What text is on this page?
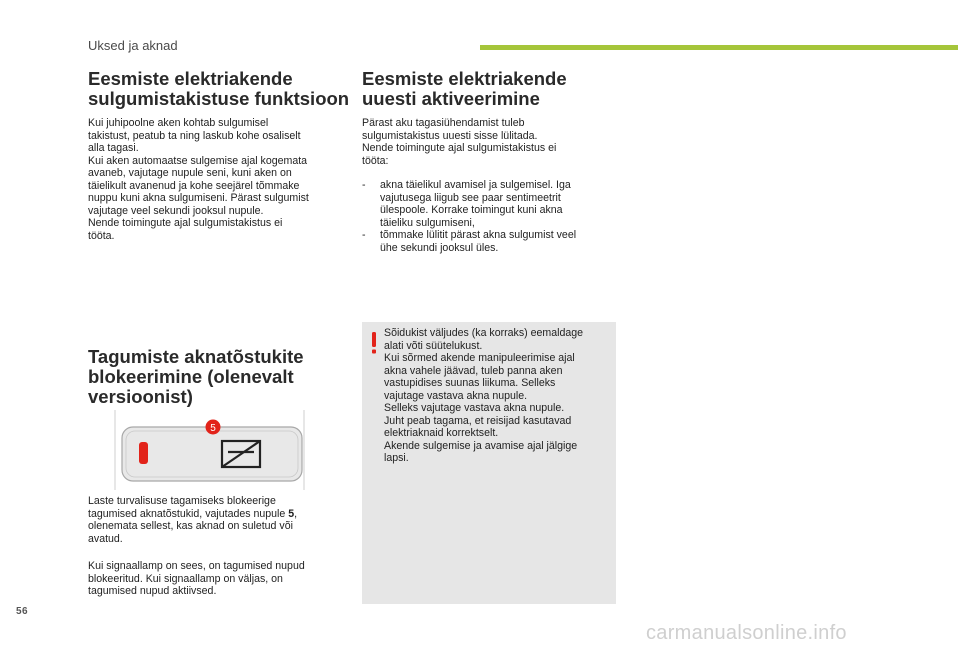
Uksed ja aknad
Eesmiste elektriakende
sulgumistakistuse funktsioon

Kui juhipoolne aken kohtab sulgumisel
takistust, peatub ta ning laskub kohe osaliselt
alla tagasi.
Kui aken automaatse sulgemise ajal kogemata
avaneb, vajutage nupule seni, kuni aken on
täielikult avanenud ja kohe seejärel tõmmake
nuppu kuni akna sulgumiseni. Pärast sulgumist
vajutage veel sekundi jooksul nupule.
Nende toimingute ajal sulgumistakistus ei
tööta.

Tagumiste aknatõstukite
blokeerimine (olenevalt
versioonist)
5

Laste turvalisuse tagamiseks blokeerige
tagumised aknatõstukid, vajutades nupule 5,
olenemata sellest, kas aknad on suletud või
avatud.

Kui signaallamp on sees, on tagumised nupud
blokeeritud. Kui signaallamp on väljas, on
tagumised nupud aktiivsed.

Eesmiste elektriakende
uuesti aktiveerimine

Pärast aku tagasiühendamist tuleb
sulgumistakistus uuesti sisse lülitada.
Nende toimingute ajal sulgumistakistus ei
tööta:

-	akna täielikul avamisel ja sulgemisel. Iga
vajutusega liigub see paar sentimeetrit
ülespoole. Korrake toimingut kuni akna
täieliku sulgumiseni,
-	tõmmake lülitit pärast akna sulgumist veel
ühe sekundi jooksul üles.

Sõidukist väljudes (ka korraks) eemaldage
alati võti süütelukust.
Kui sõrmed akende manipuleerimise ajal
akna vahele jäävad, tuleb panna aken
vastupidises suunas liikuma. Selleks
vajutage vastava akna nupule.
Selleks vajutage vastava akna nupule.
Juht peab tagama, et reisijad kasutavad
elektriaknaid korrektselt.
Akende sulgemise ja avamise ajal jälgige
lapsi.

56
carmanualsonline.info
